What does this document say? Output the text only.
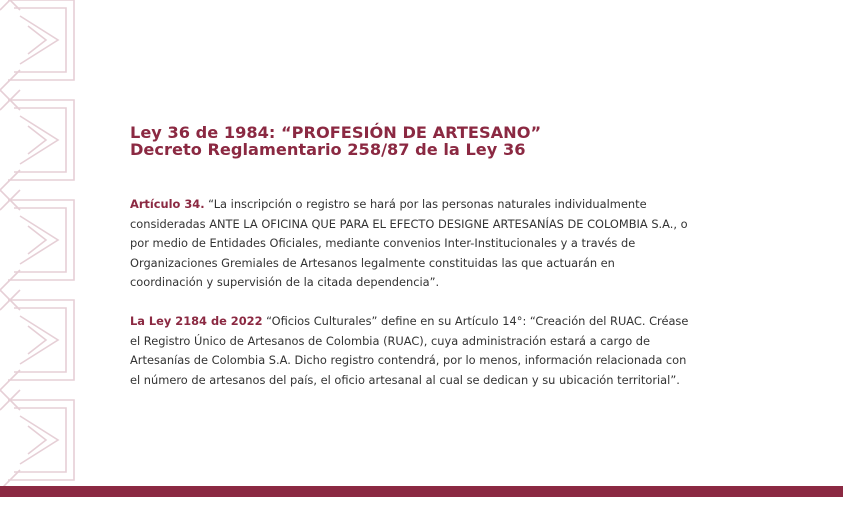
Ley 36 de 1984: “PROFESIÓN DE ARTESANO”
Decreto Reglamentario 258/87 de la Ley 36

Artículo 34. “La inscripción o registro se hará por las personas naturales individualmente consideradas ANTE LA OFICINA QUE PARA EL EFECTO DESIGNE ARTESANÍAS DE COLOMBIA S.A., o por medio de Entidades Oficiales, mediante convenios Inter-Institucionales y a través de Organizaciones Gremiales de Artesanos legalmente constituidas las que actuarán en coordinación y supervisión de la citada dependencia”.

La Ley 2184 de 2022 “Oficios Culturales” define en su Artículo 14°: “Creación del RUAC. Créase el Registro Único de Artesanos de Colombia (RUAC), cuya administración estará a cargo de Artesanías de Colombia S.A. Dicho registro contendrá, por lo menos, información relacionada con el número de artesanos del país, el oficio artesanal al cual se dedican y su ubicación territorial”.
